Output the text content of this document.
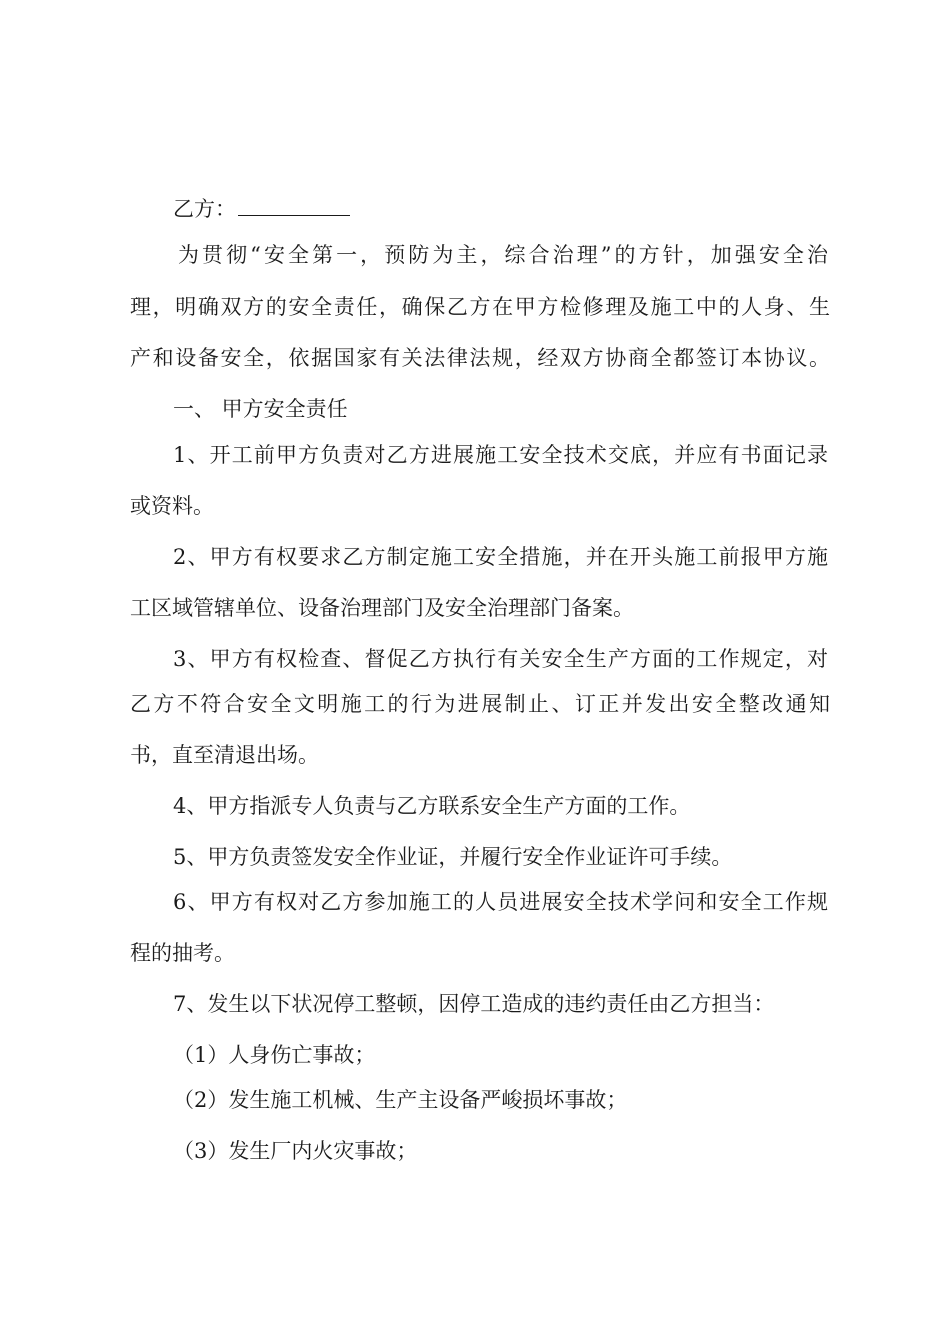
乙方：

为贯彻“安全第一，预防为主，综合治理”的方针，加强安全治

理，明确双方的安全责任，确保乙方在甲方检修理及施工中的人身、生

产和设备安全，依据国家有关法律法规，经双方协商全都签订本协议。

一、 甲方安全责任

1、开工前甲方负责对乙方进展施工安全技术交底，并应有书面记录

或资料。

2、甲方有权要求乙方制定施工安全措施，并在开头施工前报甲方施

工区域管辖单位、设备治理部门及安全治理部门备案。

3、甲方有权检查、督促乙方执行有关安全生产方面的工作规定，对

乙方不符合安全文明施工的行为进展制止、订正并发出安全整改通知

书，直至清退出场。

4、甲方指派专人负责与乙方联系安全生产方面的工作。

5、甲方负责签发安全作业证，并履行安全作业证许可手续。

6、甲方有权对乙方参加施工的人员进展安全技术学问和安全工作规

程的抽考。

7、发生以下状况停工整顿，因停工造成的违约责任由乙方担当：

（1）人身伤亡事故；

（2）发生施工机械、生产主设备严峻损坏事故；

（3）发生厂内火灾事故；
